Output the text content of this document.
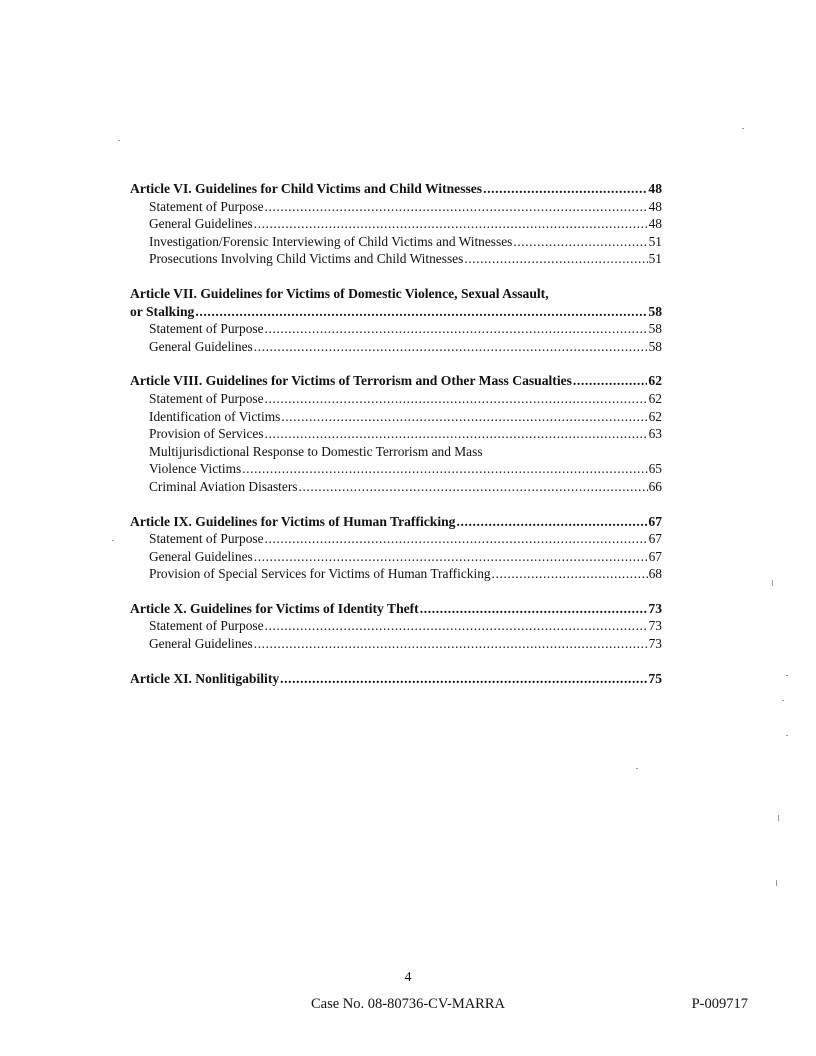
Article VI. Guidelines for Child Victims and Child Witnesses .....	48
Statement of Purpose .....	48
General Guidelines .....	48
Investigation/Forensic Interviewing of Child Victims and Witnesses .....	51
Prosecutions Involving Child Victims and Child Witnesses .....	51
Article VII. Guidelines for Victims of Domestic Violence, Sexual Assault,
or Stalking .....	58
Statement of Purpose .....	58
General Guidelines .....	58
Article VIII. Guidelines for Victims of Terrorism and Other Mass Casualties .....	62
Statement of Purpose .....	62
Identification of Victims .....	62
Provision of Services .....	63
Multijurisdictional Response to Domestic Terrorism and Mass
Violence Victims .....	65
Criminal Aviation Disasters .....	66
Article IX. Guidelines for Victims of Human Trafficking .....	67
Statement of Purpose .....	67
General Guidelines .....	67
Provision of Special Services for Victims of Human Trafficking .....	68
Article X. Guidelines for Victims of Identity Theft .....	73
Statement of Purpose .....	73
General Guidelines .....	73
Article XI. Nonlitigability .....	75
4
Case No. 08-80736-CV-MARRA	P-009717
